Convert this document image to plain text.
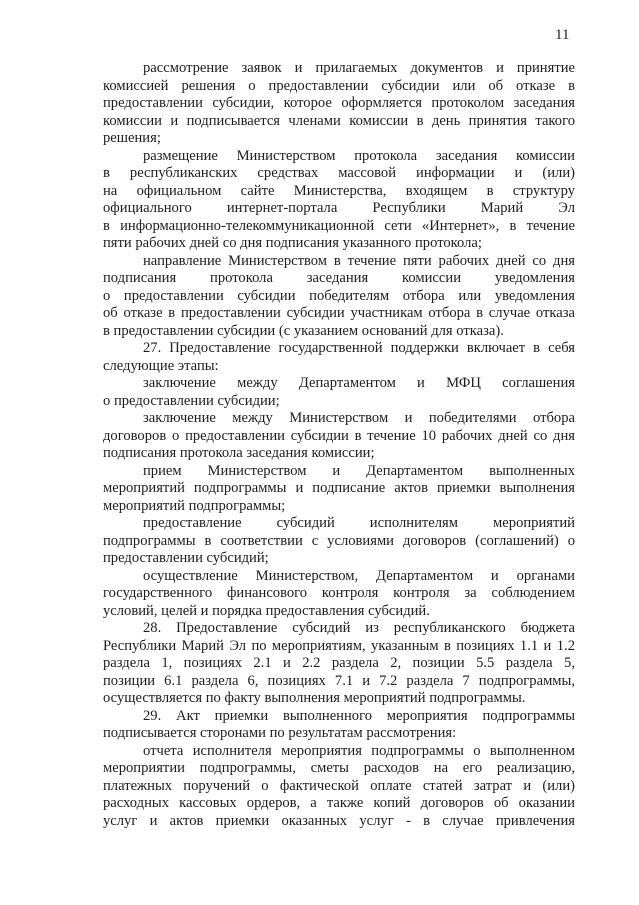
11
рассмотрение заявок и прилагаемых документов и принятие
комиссией решения о предоставлении субсидии или об отказе в
предоставлении субсидии, которое оформляется протоколом заседания
комиссии и подписывается членами комиссии в день принятия такого
решения;
размещение Министерством протокола заседания комиссии
в республиканских средствах массовой информации и (или)
на официальном сайте Министерства, входящем в структуру
официального интернет-портала Республики Марий Эл
в информационно-телекоммуникационной сети «Интернет», в течение
пяти рабочих дней со дня подписания указанного протокола;
направление Министерством в течение пяти рабочих дней со дня
подписания протокола заседания комиссии уведомления
о предоставлении субсидии победителям отбора или уведомления
об отказе в предоставлении субсидии участникам отбора в случае отказа
в предоставлении субсидии (с указанием оснований для отказа).
27. Предоставление государственной поддержки включает в себя
следующие этапы:
заключение между Департаментом и МФЦ соглашения
о предоставлении субсидии;
заключение между Министерством и победителями отбора
договоров о предоставлении субсидии в течение 10 рабочих дней со дня
подписания протокола заседания комиссии;
прием Министерством и Департаментом выполненных
мероприятий подпрограммы и подписание актов приемки выполнения
мероприятий подпрограммы;
предоставление субсидий исполнителям мероприятий
подпрограммы в соответствии с условиями договоров (соглашений) о
предоставлении субсидий;
осуществление Министерством, Департаментом и органами
государственного финансового контроля контроля за соблюдением
условий, целей и порядка предоставления субсидий.
28. Предоставление субсидий из республиканского бюджета
Республики Марий Эл по мероприятиям, указанным в позициях 1.1 и 1.2
раздела 1, позициях 2.1 и 2.2 раздела 2, позиции 5.5 раздела 5,
позиции 6.1 раздела 6, позициях 7.1 и 7.2 раздела 7 подпрограммы,
осуществляется по факту выполнения мероприятий подпрограммы.
29. Акт приемки выполненного мероприятия подпрограммы
подписывается сторонами по результатам рассмотрения:
отчета исполнителя мероприятия подпрограммы о выполненном
мероприятии подпрограммы, сметы расходов на его реализацию,
платежных поручений о фактической оплате статей затрат и (или)
расходных кассовых ордеров, а также копий договоров об оказании
услуг и актов приемки оказанных услуг - в случае привлечения
